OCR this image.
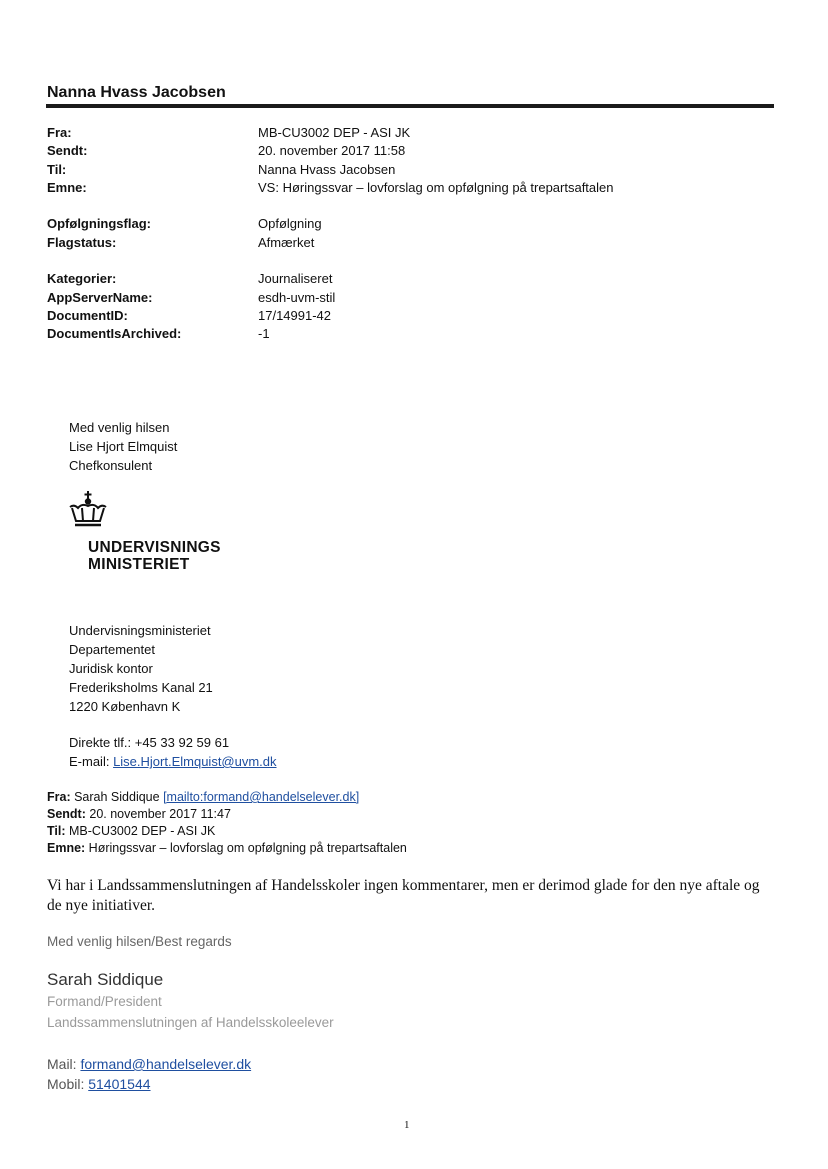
Nanna Hvass Jacobsen
Fra:	MB-CU3002 DEP - ASI JK
Sendt:	20. november 2017 11:58
Til:	Nanna Hvass Jacobsen
Emne:	VS: Høringssvar – lovforslag om opfølgning på trepartsaftalen
Opfølgningsflag:	Opfølgning
Flagstatus:	Afmærket
Kategorier:	Journaliseret
AppServerName:	esdh-uvm-stil
DocumentID:	17/14991-42
DocumentIsArchived:	-1
Med venlig hilsen
Lise Hjort Elmquist
Chefkonsulent
UNDERVISNINGS
MINISTERIET
Undervisningsministeriet
Departementet
Juridisk kontor
Frederiksholms Kanal 21
1220 København K
Direkte tlf.: +45 33 92 59 61
E-mail: Lise.Hjort.Elmquist@uvm.dk
Fra: Sarah Siddique [mailto:formand@handelselever.dk]
Sendt: 20. november 2017 11:47
Til: MB-CU3002 DEP - ASI JK
Emne: Høringssvar – lovforslag om opfølgning på trepartsaftalen
Vi har i Landssammenslutningen af Handelsskoler ingen kommentarer, men er derimod glade for den nye aftale og de nye initiativer.
Med venlig hilsen/Best regards
Sarah Siddique
Formand/President
Landssammenslutningen af Handelsskoleelever
Mail: formand@handelselever.dk
Mobil: 51401544
1
